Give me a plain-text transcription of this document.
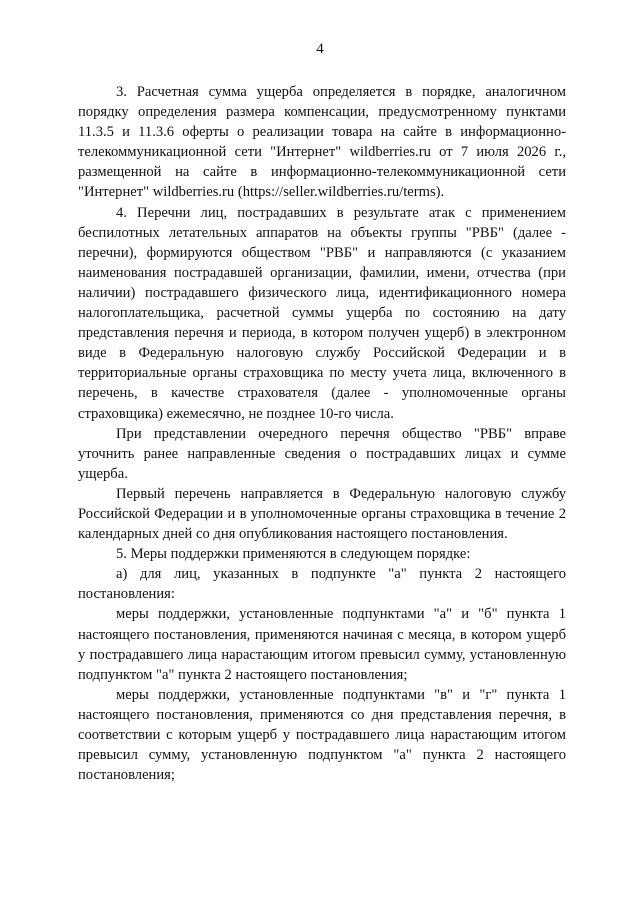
4

3. Расчетная сумма ущерба определяется в порядке, аналогичном порядку определения размера компенсации, предусмотренному пунктами 11.3.5 и 11.3.6 оферты о реализации товара на сайте в информационно-телекоммуникационной сети "Интернет" wildberries.ru от 7 июля 2026 г., размещенной на сайте в информационно-телекоммуникационной сети "Интернет" wildberries.ru (https://seller.wildberries.ru/terms).

4. Перечни лиц, пострадавших в результате атак с применением беспилотных летательных аппаратов на объекты группы "РВБ" (далее - перечни), формируются обществом "РВБ" и направляются (с указанием наименования пострадавшей организации, фамилии, имени, отчества (при наличии) пострадавшего физического лица, идентификационного номера налогоплательщика, расчетной суммы ущерба по состоянию на дату представления перечня и периода, в котором получен ущерб) в электронном виде в Федеральную налоговую службу Российской Федерации и в территориальные органы страховщика по месту учета лица, включенного в перечень, в качестве страхователя (далее - уполномоченные органы страховщика) ежемесячно, не позднее 10-го числа.

При представлении очередного перечня общество "РВБ" вправе уточнить ранее направленные сведения о пострадавших лицах и сумме ущерба.

Первый перечень направляется в Федеральную налоговую службу Российской Федерации и в уполномоченные органы страховщика в течение 2 календарных дней со дня опубликования настоящего постановления.

5. Меры поддержки применяются в следующем порядке:

а) для лиц, указанных в подпункте "а" пункта 2 настоящего постановления:

меры поддержки, установленные подпунктами "а" и "б" пункта 1 настоящего постановления, применяются начиная с месяца, в котором ущерб у пострадавшего лица нарастающим итогом превысил сумму, установленную подпунктом "а" пункта 2 настоящего постановления;

меры поддержки, установленные подпунктами "в" и "г" пункта 1 настоящего постановления, применяются со дня представления перечня, в соответствии с которым ущерб у пострадавшего лица нарастающим итогом превысил сумму, установленную подпунктом "а" пункта 2 настоящего постановления;
